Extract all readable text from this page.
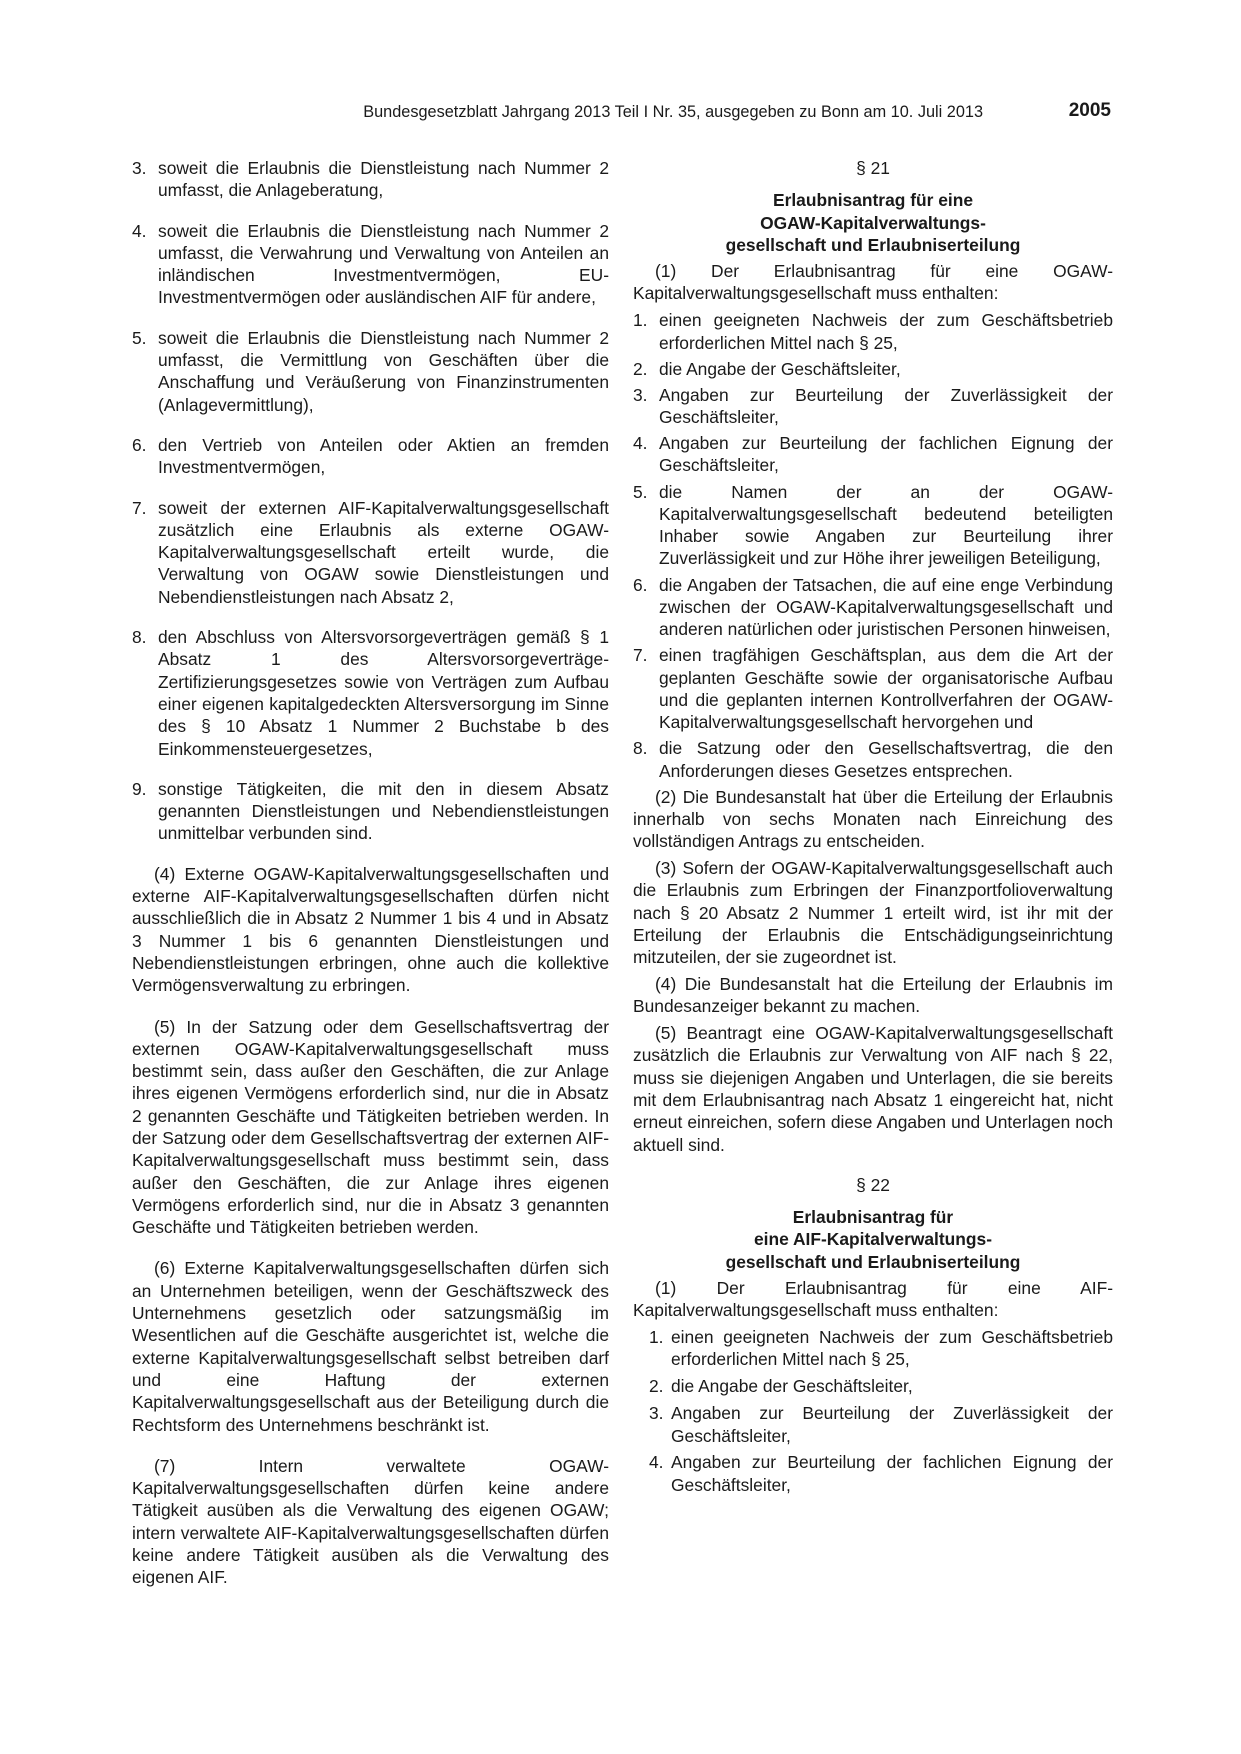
Bundesgesetzblatt Jahrgang 2013 Teil I Nr. 35, ausgegeben zu Bonn am 10. Juli 2013	2005
3. soweit die Erlaubnis die Dienstleistung nach Nummer 2 umfasst, die Anlageberatung,
4. soweit die Erlaubnis die Dienstleistung nach Nummer 2 umfasst, die Verwahrung und Verwaltung von Anteilen an inländischen Investmentvermögen, EU-Investmentvermögen oder ausländischen AIF für andere,
5. soweit die Erlaubnis die Dienstleistung nach Nummer 2 umfasst, die Vermittlung von Geschäften über die Anschaffung und Veräußerung von Finanzinstrumenten (Anlagevermittlung),
6. den Vertrieb von Anteilen oder Aktien an fremden Investmentvermögen,
7. soweit der externen AIF-Kapitalverwaltungsgesellschaft zusätzlich eine Erlaubnis als externe OGAW-Kapitalverwaltungsgesellschaft erteilt wurde, die Verwaltung von OGAW sowie Dienstleistungen und Nebendienstleistungen nach Absatz 2,
8. den Abschluss von Altersvorsorgeverträgen gemäß § 1 Absatz 1 des Altersvorsorgeverträge-Zertifizierungsgesetzes sowie von Verträgen zum Aufbau einer eigenen kapitalgedeckten Altersversorgung im Sinne des § 10 Absatz 1 Nummer 2 Buchstabe b des Einkommensteuergesetzes,
9. sonstige Tätigkeiten, die mit den in diesem Absatz genannten Dienstleistungen und Nebendienstleistungen unmittelbar verbunden sind.

(4) Externe OGAW-Kapitalverwaltungsgesellschaften und externe AIF-Kapitalverwaltungsgesellschaften dürfen nicht ausschließlich die in Absatz 2 Nummer 1 bis 4 und in Absatz 3 Nummer 1 bis 6 genannten Dienstleistungen und Nebendienstleistungen erbringen, ohne auch die kollektive Vermögensverwaltung zu erbringen.

(5) In der Satzung oder dem Gesellschaftsvertrag der externen OGAW-Kapitalverwaltungsgesellschaft muss bestimmt sein, dass außer den Geschäften, die zur Anlage ihres eigenen Vermögens erforderlich sind, nur die in Absatz 2 genannten Geschäfte und Tätigkeiten betrieben werden. In der Satzung oder dem Gesellschaftsvertrag der externen AIF-Kapitalverwaltungsgesellschaft muss bestimmt sein, dass außer den Geschäften, die zur Anlage ihres eigenen Vermögens erforderlich sind, nur die in Absatz 3 genannten Geschäfte und Tätigkeiten betrieben werden.

(6) Externe Kapitalverwaltungsgesellschaften dürfen sich an Unternehmen beteiligen, wenn der Geschäftszweck des Unternehmens gesetzlich oder satzungsmäßig im Wesentlichen auf die Geschäfte ausgerichtet ist, welche die externe Kapitalverwaltungsgesellschaft selbst betreiben darf und eine Haftung der externen Kapitalverwaltungsgesellschaft aus der Beteiligung durch die Rechtsform des Unternehmens beschränkt ist.

(7) Intern verwaltete OGAW-Kapitalverwaltungsgesellschaften dürfen keine andere Tätigkeit ausüben als die Verwaltung des eigenen OGAW; intern verwaltete AIF-Kapitalverwaltungsgesellschaften dürfen keine andere Tätigkeit ausüben als die Verwaltung des eigenen AIF.

§ 21
Erlaubnisantrag für eine
OGAW-Kapitalverwaltungs-
gesellschaft und Erlaubniserteilung

(1) Der Erlaubnisantrag für eine OGAW-Kapitalverwaltungsgesellschaft muss enthalten:

1. einen geeigneten Nachweis der zum Geschäftsbetrieb erforderlichen Mittel nach § 25,
2. die Angabe der Geschäftsleiter,
3. Angaben zur Beurteilung der Zuverlässigkeit der Geschäftsleiter,
4. Angaben zur Beurteilung der fachlichen Eignung der Geschäftsleiter,
5. die Namen der an der OGAW-Kapitalverwaltungsgesellschaft bedeutend beteiligten Inhaber sowie Angaben zur Beurteilung ihrer Zuverlässigkeit und zur Höhe ihrer jeweiligen Beteiligung,
6. die Angaben der Tatsachen, die auf eine enge Verbindung zwischen der OGAW-Kapitalverwaltungsgesellschaft und anderen natürlichen oder juristischen Personen hinweisen,
7. einen tragfähigen Geschäftsplan, aus dem die Art der geplanten Geschäfte sowie der organisatorische Aufbau und die geplanten internen Kontrollverfahren der OGAW-Kapitalverwaltungsgesellschaft hervorgehen und
8. die Satzung oder den Gesellschaftsvertrag, die den Anforderungen dieses Gesetzes entsprechen.

(2) Die Bundesanstalt hat über die Erteilung der Erlaubnis innerhalb von sechs Monaten nach Einreichung des vollständigen Antrags zu entscheiden.

(3) Sofern der OGAW-Kapitalverwaltungsgesellschaft auch die Erlaubnis zum Erbringen der Finanzportfolioverwaltung nach § 20 Absatz 2 Nummer 1 erteilt wird, ist ihr mit der Erteilung der Erlaubnis die Entschädigungseinrichtung mitzuteilen, der sie zugeordnet ist.

(4) Die Bundesanstalt hat die Erteilung der Erlaubnis im Bundesanzeiger bekannt zu machen.

(5) Beantragt eine OGAW-Kapitalverwaltungsgesellschaft zusätzlich die Erlaubnis zur Verwaltung von AIF nach § 22, muss sie diejenigen Angaben und Unterlagen, die sie bereits mit dem Erlaubnisantrag nach Absatz 1 eingereicht hat, nicht erneut einreichen, sofern diese Angaben und Unterlagen noch aktuell sind.

§ 22
Erlaubnisantrag für
eine AIF-Kapitalverwaltungs-
gesellschaft und Erlaubniserteilung

(1) Der Erlaubnisantrag für eine AIF-Kapitalverwaltungsgesellschaft muss enthalten:

1. einen geeigneten Nachweis der zum Geschäftsbetrieb erforderlichen Mittel nach § 25,
2. die Angabe der Geschäftsleiter,
3. Angaben zur Beurteilung der Zuverlässigkeit der Geschäftsleiter,
4. Angaben zur Beurteilung der fachlichen Eignung der Geschäftsleiter,
